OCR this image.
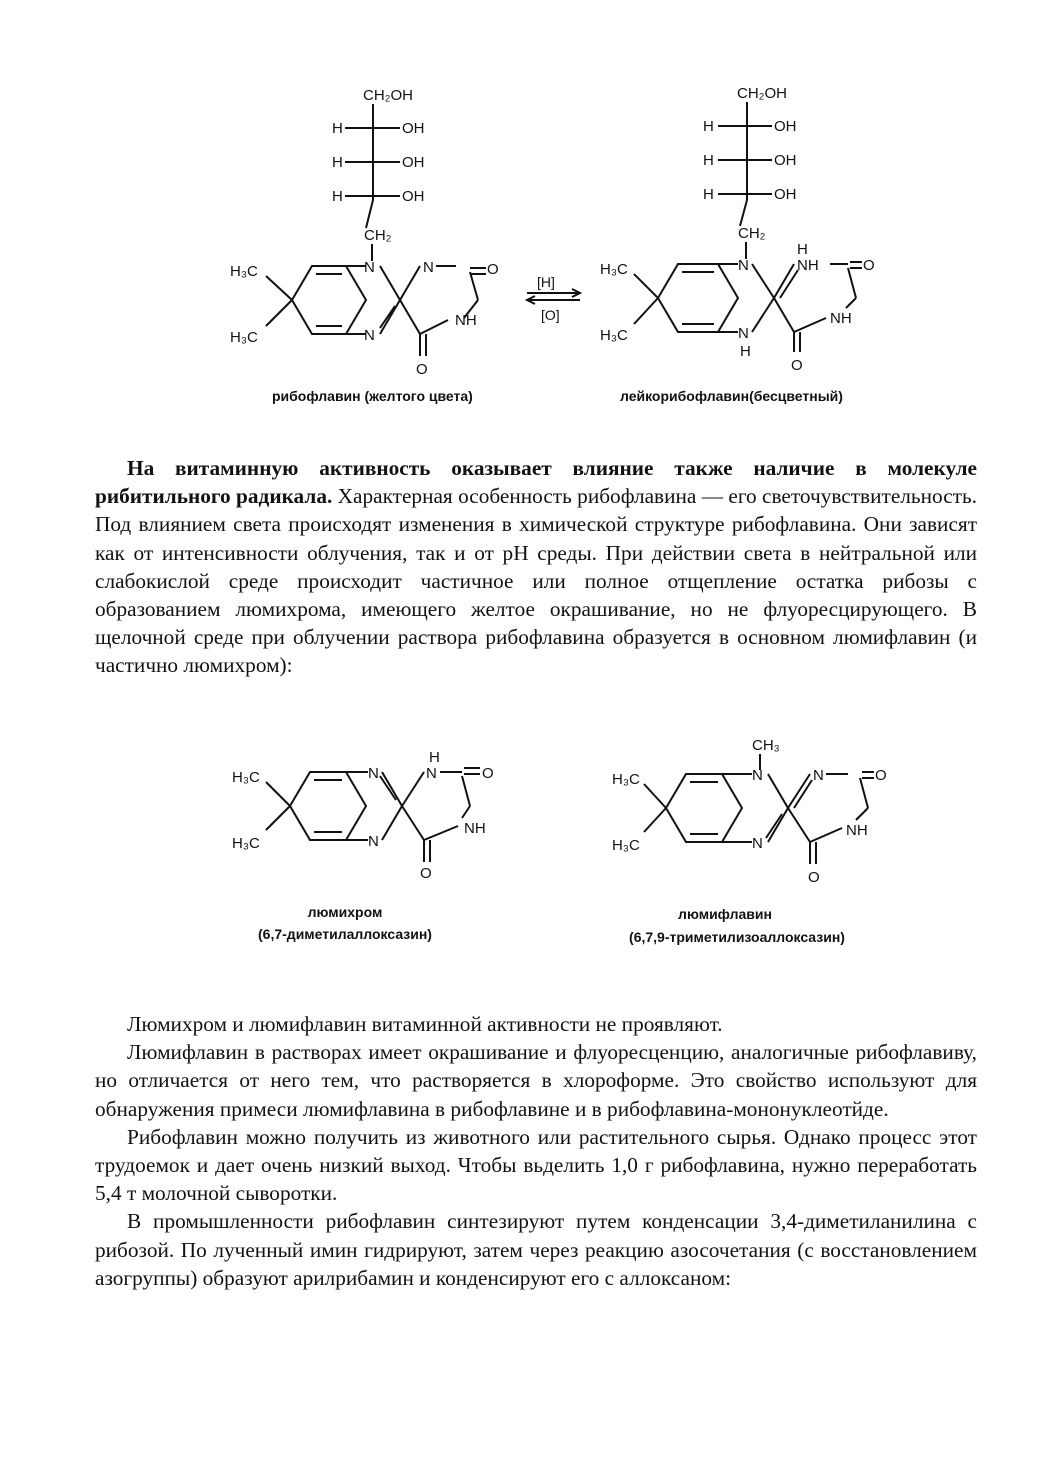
CH₂OH
H	OH
H	OH
H	OH
CH₂
N
N
N	O
NH
O
H₃C
H₃C
рибофлавин (желтого цвета)
[H]
[O]
CH₂OH
H	OH
H	OH
H	OH
CH₂
N
N
H
H
NH	O
NH
O
H₃C
H₃C
лейкорибофлавин(бесцветный)

На витаминную активность оказывает влияние также наличие в молекуле рибитильного радикала. Характерная особенность рибофлавина — его светочувствительность. Под влиянием света происходят изменения в химической структуре рибофлавина. Они зависят как от интенсивности облучения, так и от pH среды. При действии света в нейтральной или слабокислой среде происходит частичное или полное отщепление остатка рибозы с образованием люмихрома, имеющего желтое окрашивание, но не флуоресцирующего. В щелочной среде при облучении раствора рибофлавина образуется в основном люмифлавин (и частично люмихром):

N
N
H
N	O
NH
O
H₃C
H₃C
люмихром
(6,7-диметилаллоксазин)
CH₃
N
N
N	O
NH
O
H₃C
H₃C
люмифлавин
(6,7,9-триметилизоаллоксазин)

Люмихром и люмифлавин витаминной активности не проявляют.

Люмифлавин в растворах имеет окрашивание и флуоресценцию, аналогичные рибофлавиву, но отличается от него тем, что растворяется в хлороформе. Это свойство используют для обнаружения примеси люмифлавина в рибофлавине и в рибофлавина-мононуклеотйде.

Рибофлавин можно получить из животного или растительного сырья. Однако процесс этот трудоемок и дает очень низкий выход. Чтобы вьделить 1,0 г рибофлавина, нужно переработать 5,4 т молочной сыворотки.

В промышленности рибофлавин синтезируют путем конденсации 3,4-диметиланилина с рибозой. По лученный имин гидрируют, затем через реакцию азосочетания (с восстановлением азогруппы) образуют арилрибамин и конденсируют его с аллоксаном:
